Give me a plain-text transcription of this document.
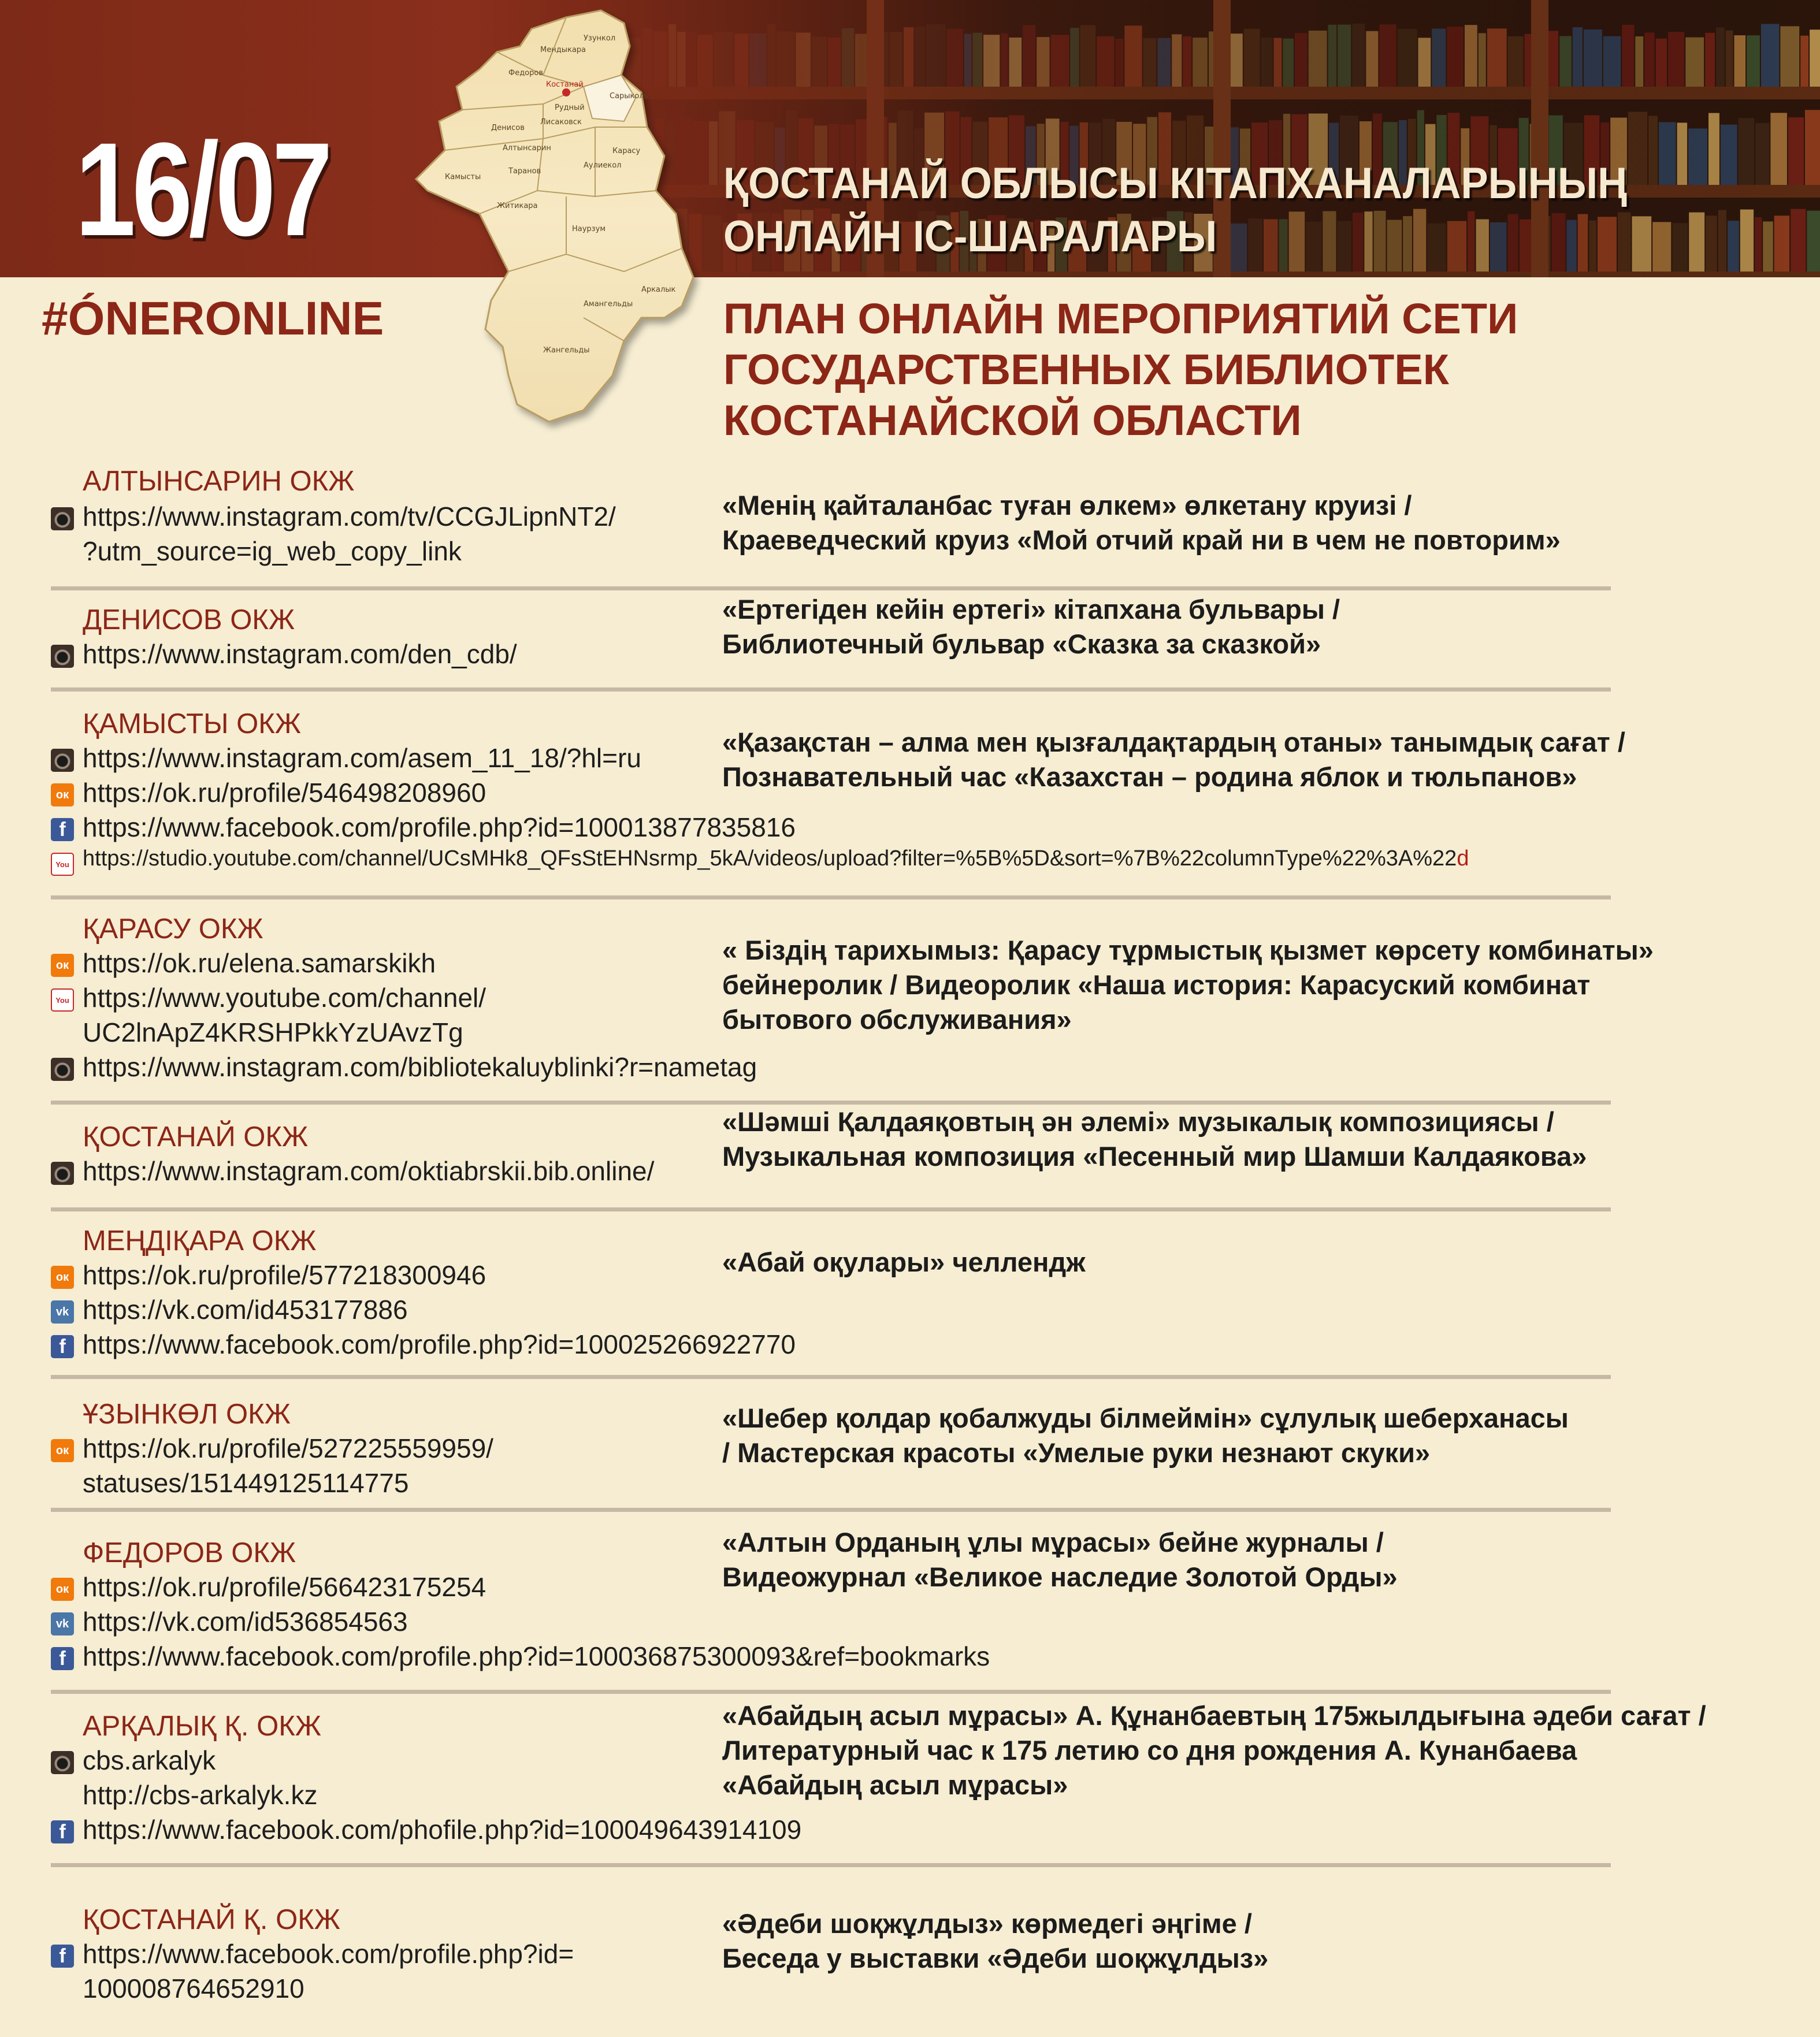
16/07	ҚОСТАНАЙ ОБЛЫСЫ КІТАПХАНАЛАРЫНЫҢ
ОНЛАЙН ІС-ШАРАЛАРЫ
Костанай
Рудный
Аркалык
Амангельды
Жангельды
Денисов
Алтынсарин	Карасу
Мендыкара
Узункол
Федоров
Сарыколь
Таранов
Наурзум
Камысты
Аулиекол
Житикара
Лисаковск
#ÓNERONLINE	ПЛАН ОНЛАЙН МЕРОПРИЯТИЙ СЕТИ
ГОСУДАРСТВЕННЫХ БИБЛИОТЕК
КОСТАНАЙСКОЙ ОБЛАСТИ
АЛТЫНСАРИН ОКЖ
https://www.instagram.com/tv/CCGJLipnNT2/
?utm_source=ig_web_copy_link
«Менің қайталанбас туған өлкем» өлкетану круизі /
Краеведческий круиз «Мой отчий край ни в чем не повторим»
ДЕНИСОВ ОКЖ
https://www.instagram.com/den_cdb/
«Ертегіден кейін ертегі» кітапхана бульвары /
Библиотечный бульвар «Сказка за сказкой»
ҚАМЫСТЫ ОКЖ
https://www.instagram.com/asem_11_18/?hl=ru
ок https://ok.ru/profile/546498208960
f https://www.facebook.com/profile.php?id=100013877835816
You https://studio.youtube.com/channel/UCsMHk8_QFsStEHNsrmp_5kA/videos/upload?filter=%5B%5D&sort=%7B%22columnType%22%3A%22d
«Қазақстан – алма мен қызғалдақтардың отаны» танымдық сағат /
Познавательный час «Казахстан – родина яблок и тюльпанов»
ҚАРАСУ ОКЖ
ок https://ok.ru/elena.samarskikh
You https://www.youtube.com/channel/
UC2lnApZ4KRSHPkkYzUAvzTg
https://www.instagram.com/bibliotekaluyblinki?r=nametag
« Біздің тарихымыз: Қарасу тұрмыстық қызмет көрсету комбинаты»
бейнеролик / Видеоролик «Наша история: Карасуский комбинат
бытового обслуживания»
ҚОСТАНАЙ ОКЖ
https://www.instagram.com/oktiabrskii.bib.online/
«Шәмші Қалдаяқовтың ән әлемі» музыкалық композициясы /
Музыкальная композиция «Песенный мир Шамши Калдаякова»
МЕҢДІҚАРА ОКЖ
ок https://ok.ru/profile/577218300946
vk https://vk.com/id453177886
f https://www.facebook.com/profile.php?id=100025266922770
«Абай оқулары» челлендж
ҰЗЫНКӨЛ ОКЖ
ок https://ok.ru/profile/527225559959/
statuses/151449125114775
«Шебер қолдар қобалжуды білмеймін» сұлулық шеберханасы
/ Мастерская красоты «Умелые руки незнают скуки»
ФЕДОРОВ ОКЖ
ок https://ok.ru/profile/566423175254
vk https://vk.com/id536854563
f https://www.facebook.com/profile.php?id=100036875300093&ref=bookmarks
«Алтын Орданың ұлы мұрасы» бейне журналы /
Видеожурнал «Великое наследие Золотой Орды»
АРҚАЛЫҚ Қ. ОКЖ
cbs.arkalyk
http://cbs-arkalyk.kz
f https://www.facebook.com/phofile.php?id=100049643914109
«Абайдың асыл мұрасы» А. Құнанбаевтың 175жылдығына әдеби сағат /
Литературный час к 175 летию со дня рождения А. Кунанбаева
«Абайдың асыл мұрасы»
ҚОСТАНАЙ Қ. ОКЖ
f https://www.facebook.com/profile.php?id=
100008764652910
«Әдеби шоқжұлдыз» көрмедегі әңгіме /
Беседа у выставки «Әдеби шоқжұлдыз»
